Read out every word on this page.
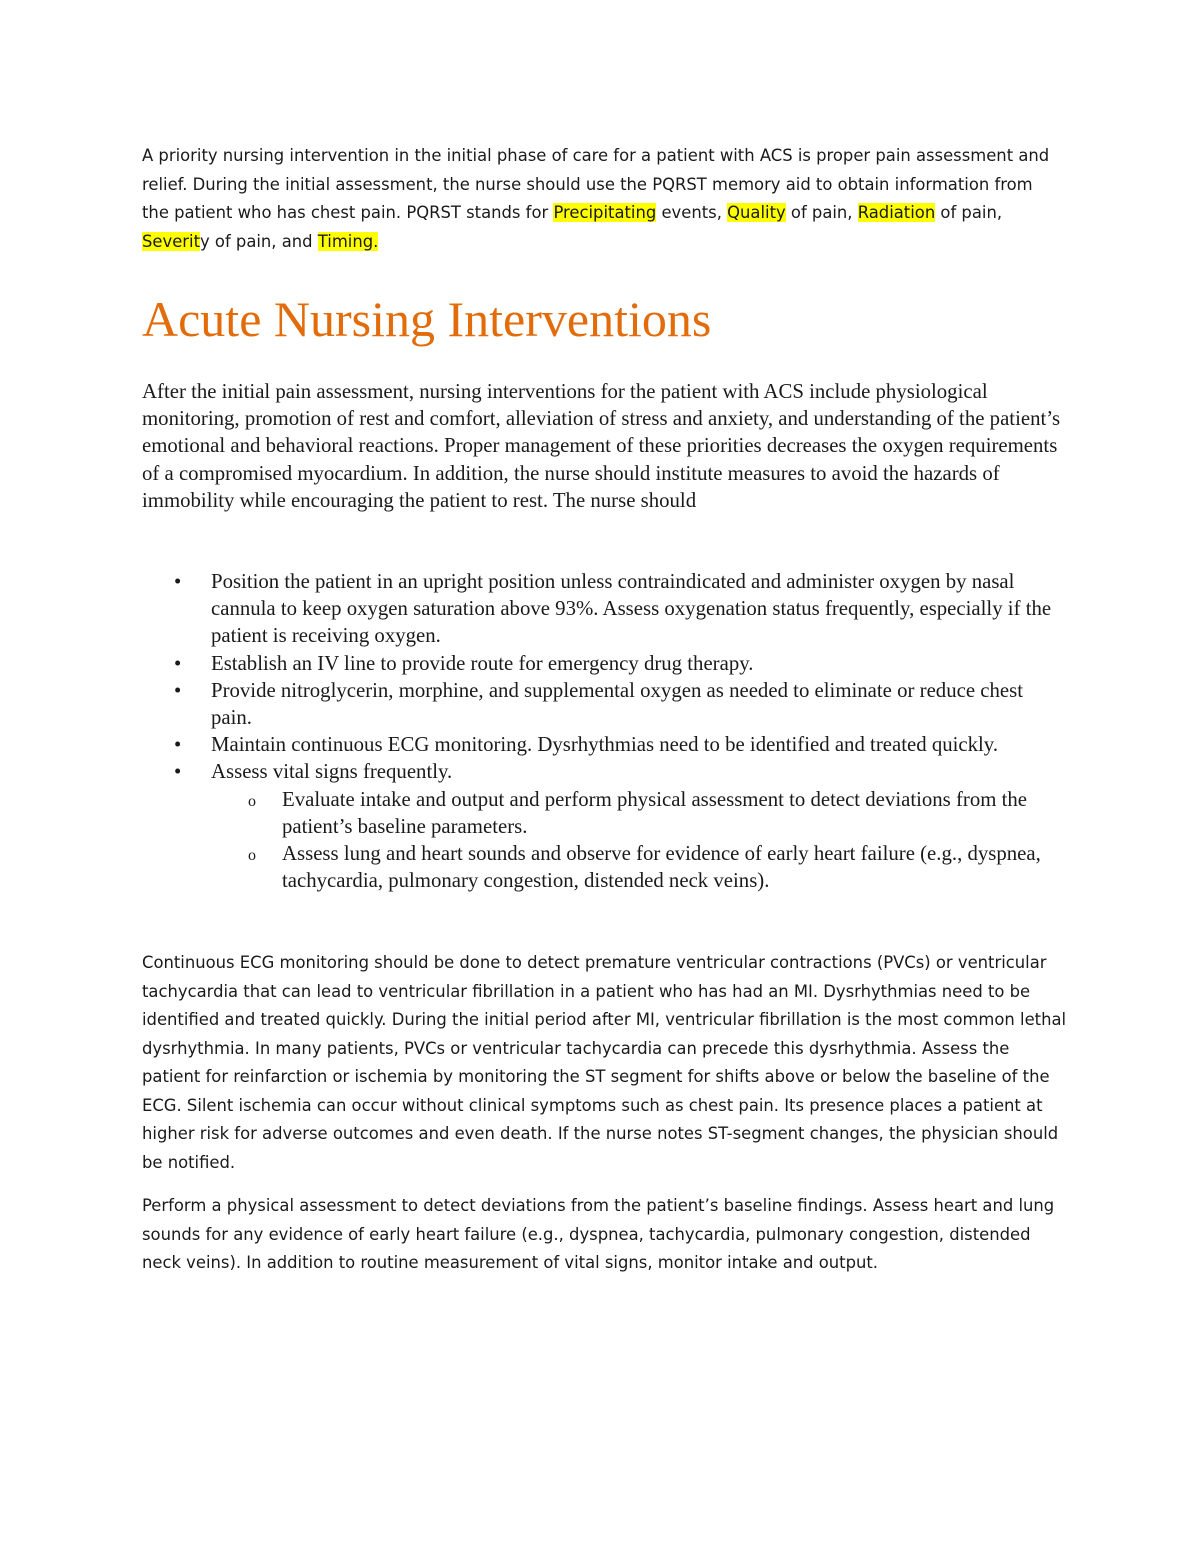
A priority nursing intervention in the initial phase of care for a patient with ACS is proper pain assessment and relief. During the initial assessment, the nurse should use the PQRST memory aid to obtain information from the patient who has chest pain. PQRST stands for Precipitating events, Quality of pain, Radiation of pain, Severity of pain, and Timing.
Acute Nursing Interventions
After the initial pain assessment, nursing interventions for the patient with ACS include physiological monitoring, promotion of rest and comfort, alleviation of stress and anxiety, and understanding of the patient’s emotional and behavioral reactions. Proper management of these priorities decreases the oxygen requirements of a compromised myocardium. In addition, the nurse should institute measures to avoid the hazards of immobility while encouraging the patient to rest. The nurse should
• Position the patient in an upright position unless contraindicated and administer oxygen by nasal cannula to keep oxygen saturation above 93%. Assess oxygenation status frequently, especially if the patient is receiving oxygen.
• Establish an IV line to provide route for emergency drug therapy.
• Provide nitroglycerin, morphine, and supplemental oxygen as needed to eliminate or reduce chest pain.
• Maintain continuous ECG monitoring. Dysrhythmias need to be identified and treated quickly.
• Assess vital signs frequently.
o Evaluate intake and output and perform physical assessment to detect deviations from the patient’s baseline parameters.
o Assess lung and heart sounds and observe for evidence of early heart failure (e.g., dyspnea, tachycardia, pulmonary congestion, distended neck veins).
Continuous ECG monitoring should be done to detect premature ventricular contractions (PVCs) or ventricular tachycardia that can lead to ventricular fibrillation in a patient who has had an MI. Dysrhythmias need to be identified and treated quickly. During the initial period after MI, ventricular fibrillation is the most common lethal dysrhythmia. In many patients, PVCs or ventricular tachycardia can precede this dysrhythmia. Assess the patient for reinfarction or ischemia by monitoring the ST segment for shifts above or below the baseline of the ECG. Silent ischemia can occur without clinical symptoms such as chest pain. Its presence places a patient at higher risk for adverse outcomes and even death. If the nurse notes ST-segment changes, the physician should be notified.
Perform a physical assessment to detect deviations from the patient’s baseline findings. Assess heart and lung sounds for any evidence of early heart failure (e.g., dyspnea, tachycardia, pulmonary congestion, distended neck veins). In addition to routine measurement of vital signs, monitor intake and output.
